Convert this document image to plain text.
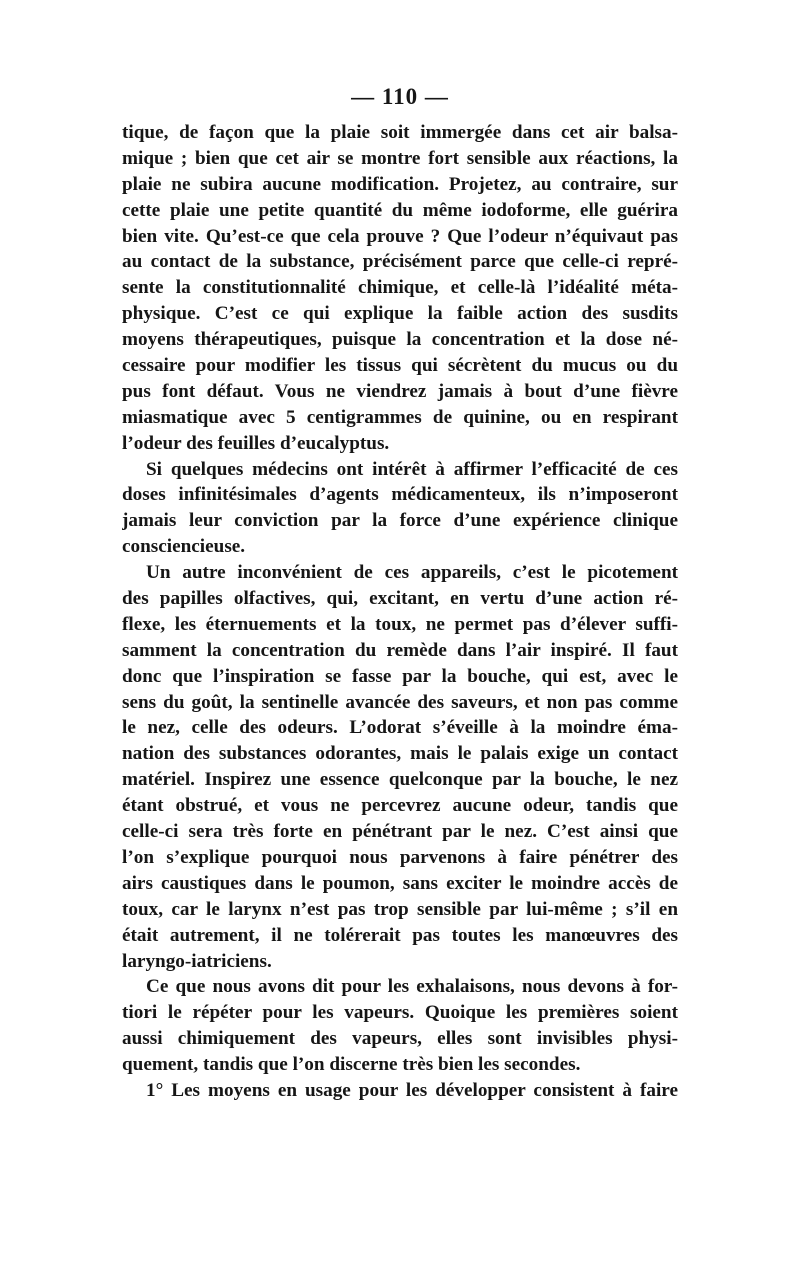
— 110 —
tique, de façon que la plaie soit immergée dans cet air balsa-
mique ; bien que cet air se montre fort sensible aux réactions, la
plaie ne subira aucune modification. Projetez, au contraire, sur
cette plaie une petite quantité du même iodoforme, elle guérira
bien vite. Qu’est-ce que cela prouve ? Que l’odeur n’équivaut pas
au contact de la substance, précisément parce que celle-ci repré-
sente la constitutionnalité chimique, et celle-là l’idéalité méta-
physique. C’est ce qui explique la faible action des susdits
moyens thérapeutiques, puisque la concentration et la dose né-
cessaire pour modifier les tissus qui sécrètent du mucus ou du
pus font défaut. Vous ne viendrez jamais à bout d’une fièvre
miasmatique avec 5 centigrammes de quinine, ou en respirant
l’odeur des feuilles d’eucalyptus.
Si quelques médecins ont intérêt à affirmer l’efficacité de ces
doses infinitésimales d’agents médicamenteux, ils n’imposeront
jamais leur conviction par la force d’une expérience clinique
consciencieuse.
Un autre inconvénient de ces appareils, c’est le picotement
des papilles olfactives, qui, excitant, en vertu d’une action ré-
flexe, les éternuements et la toux, ne permet pas d’élever suffi-
samment la concentration du remède dans l’air inspiré. Il faut
donc que l’inspiration se fasse par la bouche, qui est, avec le
sens du goût, la sentinelle avancée des saveurs, et non pas comme
le nez, celle des odeurs. L’odorat s’éveille à la moindre éma-
nation des substances odorantes, mais le palais exige un contact
matériel. Inspirez une essence quelconque par la bouche, le nez
étant obstrué, et vous ne percevrez aucune odeur, tandis que
celle-ci sera très forte en pénétrant par le nez. C’est ainsi que
l’on s’explique pourquoi nous parvenons à faire pénétrer des
airs caustiques dans le poumon, sans exciter le moindre accès de
toux, car le larynx n’est pas trop sensible par lui-même ; s’il en
était autrement, il ne tolérerait pas toutes les manœuvres des
laryngo-iatriciens.
Ce que nous avons dit pour les exhalaisons, nous devons à for-
tiori le répéter pour les vapeurs. Quoique les premières soient
aussi chimiquement des vapeurs, elles sont invisibles physi-
quement, tandis que l’on discerne très bien les secondes.
1° Les moyens en usage pour les développer consistent à faire
